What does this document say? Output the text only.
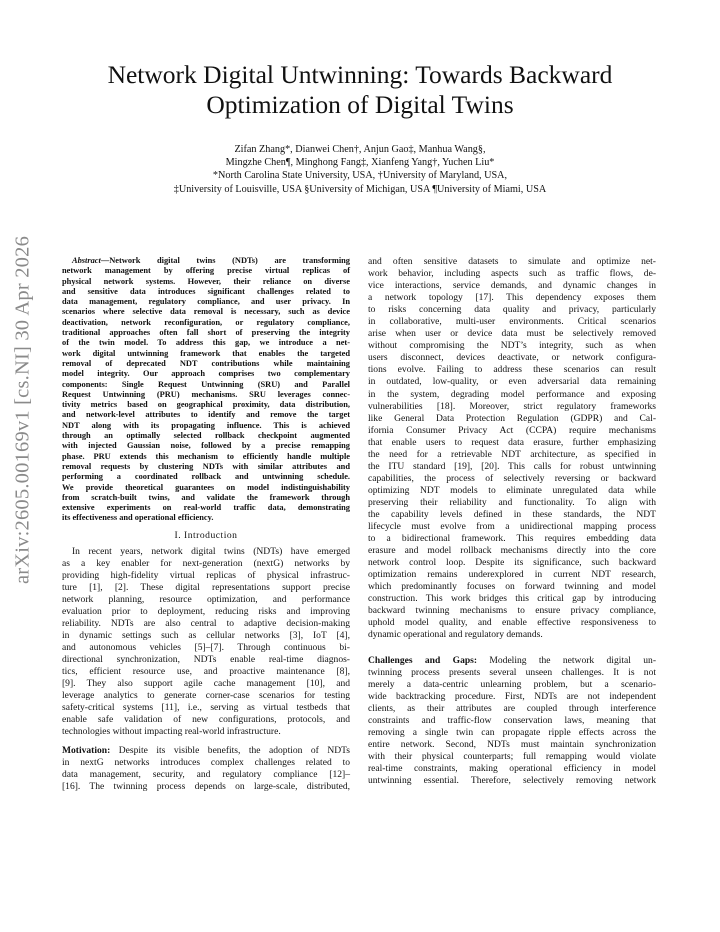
arXiv:2605.00169v1 [cs.NI] 30 Apr 2026
Network Digital Untwinning: Towards Backward
Optimization of Digital Twins
Zifan Zhang*, Dianwei Chen†, Anjun Gao‡, Manhua Wang§,
Mingzhe Chen¶, Minghong Fang‡, Xianfeng Yang†, Yuchen Liu*
*North Carolina State University, USA, †University of Maryland, USA,
‡University of Louisville, USA §University of Michigan, USA ¶University of Miami, USA
Abstract—Network digital twins (NDTs) are transforming
network management by offering precise virtual replicas of
physical network systems. However, their reliance on diverse
and sensitive data introduces significant challenges related to
data management, regulatory compliance, and user privacy. In
scenarios where selective data removal is necessary, such as device
deactivation, network reconfiguration, or regulatory compliance,
traditional approaches often fall short of preserving the integrity
of the twin model. To address this gap, we introduce a net-
work digital untwinning framework that enables the targeted
removal of deprecated NDT contributions while maintaining
model integrity. Our approach comprises two complementary
components: Single Request Untwinning (SRU) and Parallel
Request Untwinning (PRU) mechanisms. SRU leverages connec-
tivity metrics based on geographical proximity, data distribution,
and network-level attributes to identify and remove the target
NDT along with its propagating influence. This is achieved
through an optimally selected rollback checkpoint augmented
with injected Gaussian noise, followed by a precise remapping
phase. PRU extends this mechanism to efficiently handle multiple
removal requests by clustering NDTs with similar attributes and
performing a coordinated rollback and untwinning schedule.
We provide theoretical guarantees on model indistinguishability
from scratch-built twins, and validate the framework through
extensive experiments on real-world traffic data, demonstrating
its effectiveness and operational efficiency.
I. Introduction
In recent years, network digital twins (NDTs) have emerged
as a key enabler for next-generation (nextG) networks by
providing high-fidelity virtual replicas of physical infrastruc-
ture [1], [2]. These digital representations support precise
network planning, resource optimization, and performance
evaluation prior to deployment, reducing risks and improving
reliability. NDTs are also central to adaptive decision-making
in dynamic settings such as cellular networks [3], IoT [4],
and autonomous vehicles [5]–[7]. Through continuous bi-
directional synchronization, NDTs enable real-time diagnos-
tics, efficient resource use, and proactive maintenance [8],
[9]. They also support agile cache management [10], and
leverage analytics to generate corner-case scenarios for testing
safety-critical systems [11], i.e., serving as virtual testbeds that
enable safe validation of new configurations, protocols, and
technologies without impacting real-world infrastructure.
Motivation: Despite its visible benefits, the adoption of NDTs
in nextG networks introduces complex challenges related to
data management, security, and regulatory compliance [12]–
[16]. The twinning process depends on large-scale, distributed,
and often sensitive datasets to simulate and optimize net-
work behavior, including aspects such as traffic flows, de-
vice interactions, service demands, and dynamic changes in
a network topology [17]. This dependency exposes them
to risks concerning data quality and privacy, particularly
in collaborative, multi-user environments. Critical scenarios
arise when user or device data must be selectively removed
without compromising the NDT’s integrity, such as when
users disconnect, devices deactivate, or network configura-
tions evolve. Failing to address these scenarios can result
in outdated, low-quality, or even adversarial data remaining
in the system, degrading model performance and exposing
vulnerabilities [18]. Moreover, strict regulatory frameworks
like General Data Protection Regulation (GDPR) and Cal-
ifornia Consumer Privacy Act (CCPA) require mechanisms
that enable users to request data erasure, further emphasizing
the need for a retrievable NDT architecture, as specified in
the ITU standard [19], [20]. This calls for robust untwinning
capabilities, the process of selectively reversing or backward
optimizing NDT models to eliminate unregulated data while
preserving their reliability and functionality. To align with
the capability levels defined in these standards, the NDT
lifecycle must evolve from a unidirectional mapping process
to a bidirectional framework. This requires embedding data
erasure and model rollback mechanisms directly into the core
network control loop. Despite its significance, such backward
optimization remains underexplored in current NDT research,
which predominantly focuses on forward twinning and model
construction. This work bridges this critical gap by introducing
backward twinning mechanisms to ensure privacy compliance,
uphold model quality, and enable effective responsiveness to
dynamic operational and regulatory demands.
Challenges and Gaps: Modeling the network digital un-
twinning process presents several unseen challenges. It is not
merely a data-centric unlearning problem, but a scenario-
wide backtracking procedure. First, NDTs are not independent
clients, as their attributes are coupled through interference
constraints and traffic-flow conservation laws, meaning that
removing a single twin can propagate ripple effects across the
entire network. Second, NDTs must maintain synchronization
with their physical counterparts; full remapping would violate
real-time constraints, making operational efficiency in model
untwinning essential. Therefore, selectively removing network
